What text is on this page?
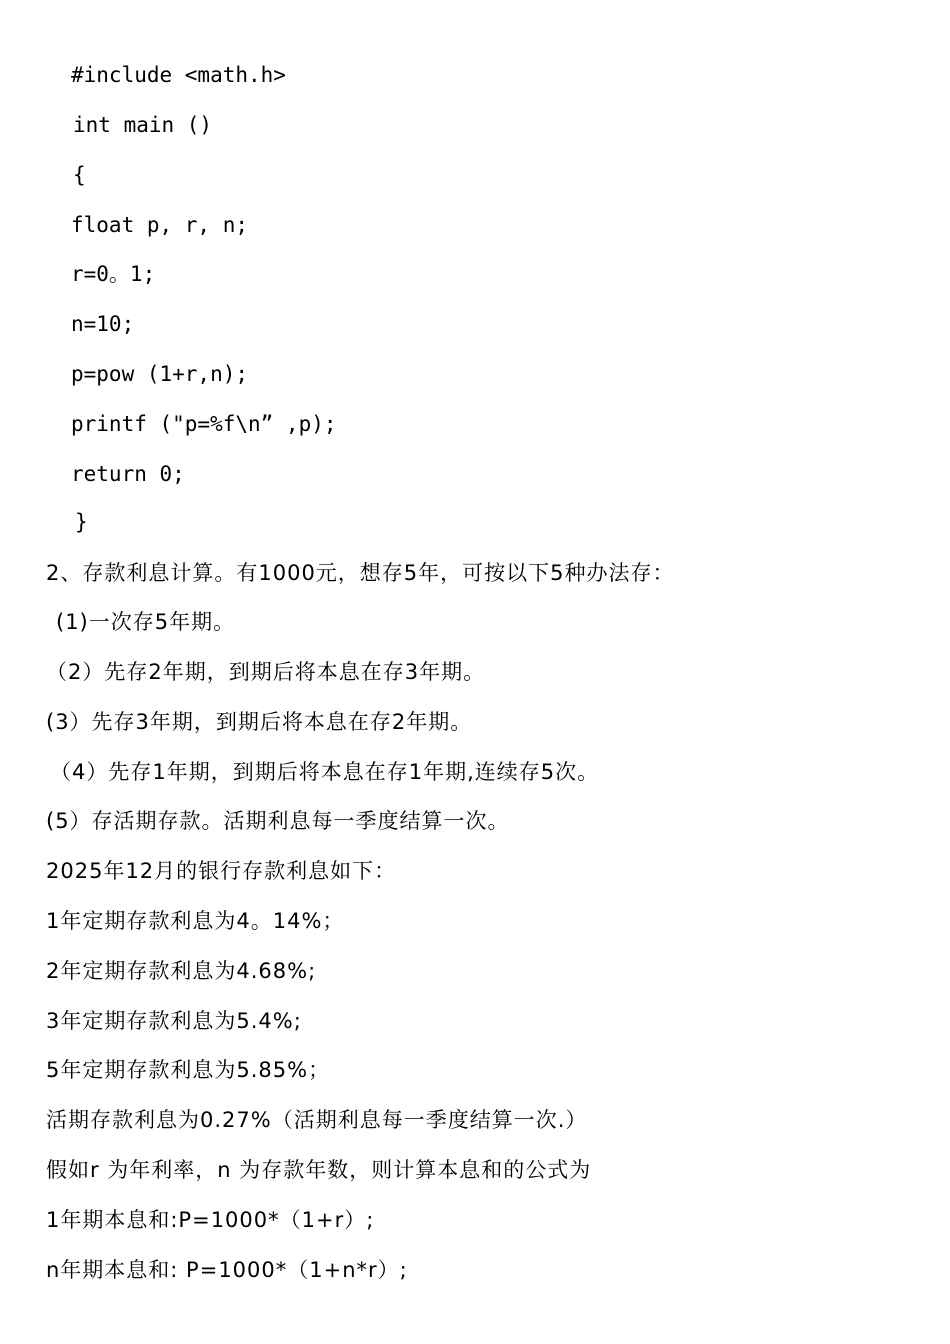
#include <math.h>
int main ()
{
float p, r, n;
r=0。1;
n=10;
p=pow (1+r,n);
printf ("p=%f\n” ,p);
return 0;
}
2、存款利息计算。有1000元，想存5年，可按以下5种办法存：
(1)一次存5年期。
（2）先存2年期，到期后将本息在存3年期。
(3）先存3年期，到期后将本息在存2年期。
（4）先存1年期，到期后将本息在存1年期,连续存5次。
(5）存活期存款。活期利息每一季度结算一次。
2025年12月的银行存款利息如下：
1年定期存款利息为4。14%；
2年定期存款利息为4.68%;
3年定期存款利息为5.4%;
5年定期存款利息为5.85%；
活期存款利息为0.27%（活期利息每一季度结算一次.）
假如r 为年利率，n 为存款年数，则计算本息和的公式为
1年期本息和:P=1000*（1+r）;
n年期本息和: P=1000*（1+n*r）;
